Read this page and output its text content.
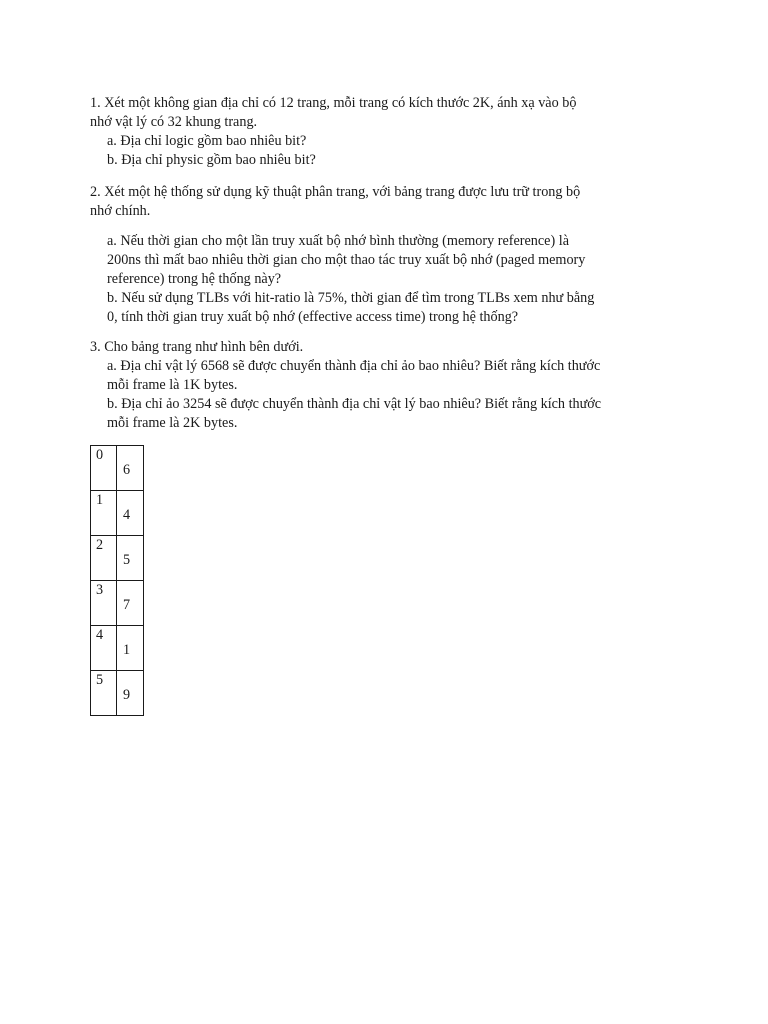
1. Xét một không gian địa chỉ có 12 trang, mỗi trang có kích thước 2K, ánh xạ vào bộ
nhớ vật lý có 32 khung trang.
a. Địa chỉ logic gồm bao nhiêu bit?
b. Địa chỉ physic gồm bao nhiêu bit?
2. Xét một hệ thống sử dụng kỹ thuật phân trang, với bảng trang được lưu trữ trong bộ
nhớ chính.
a. Nếu thời gian cho một lần truy xuất bộ nhớ bình thường (memory reference) là
200ns thì mất bao nhiêu thời gian cho một thao tác truy xuất bộ nhớ (paged memory
reference) trong hệ thống này?
b. Nếu sử dụng TLBs với hit-ratio là 75%, thời gian để tìm trong TLBs xem như bằng
0, tính thời gian truy xuất bộ nhớ (effective access time) trong hệ thống?
3. Cho bảng trang như hình bên dưới.
a. Địa chỉ vật lý 6568 sẽ được chuyển thành địa chỉ ảo bao nhiêu? Biết rằng kích thước
mỗi frame là 1K bytes.
b. Địa chỉ ảo 3254 sẽ được chuyển thành địa chỉ vật lý bao nhiêu? Biết rằng kích thước
mỗi frame là 2K bytes.
0	6

1	4

2	5

3	7

4	1

5	9
